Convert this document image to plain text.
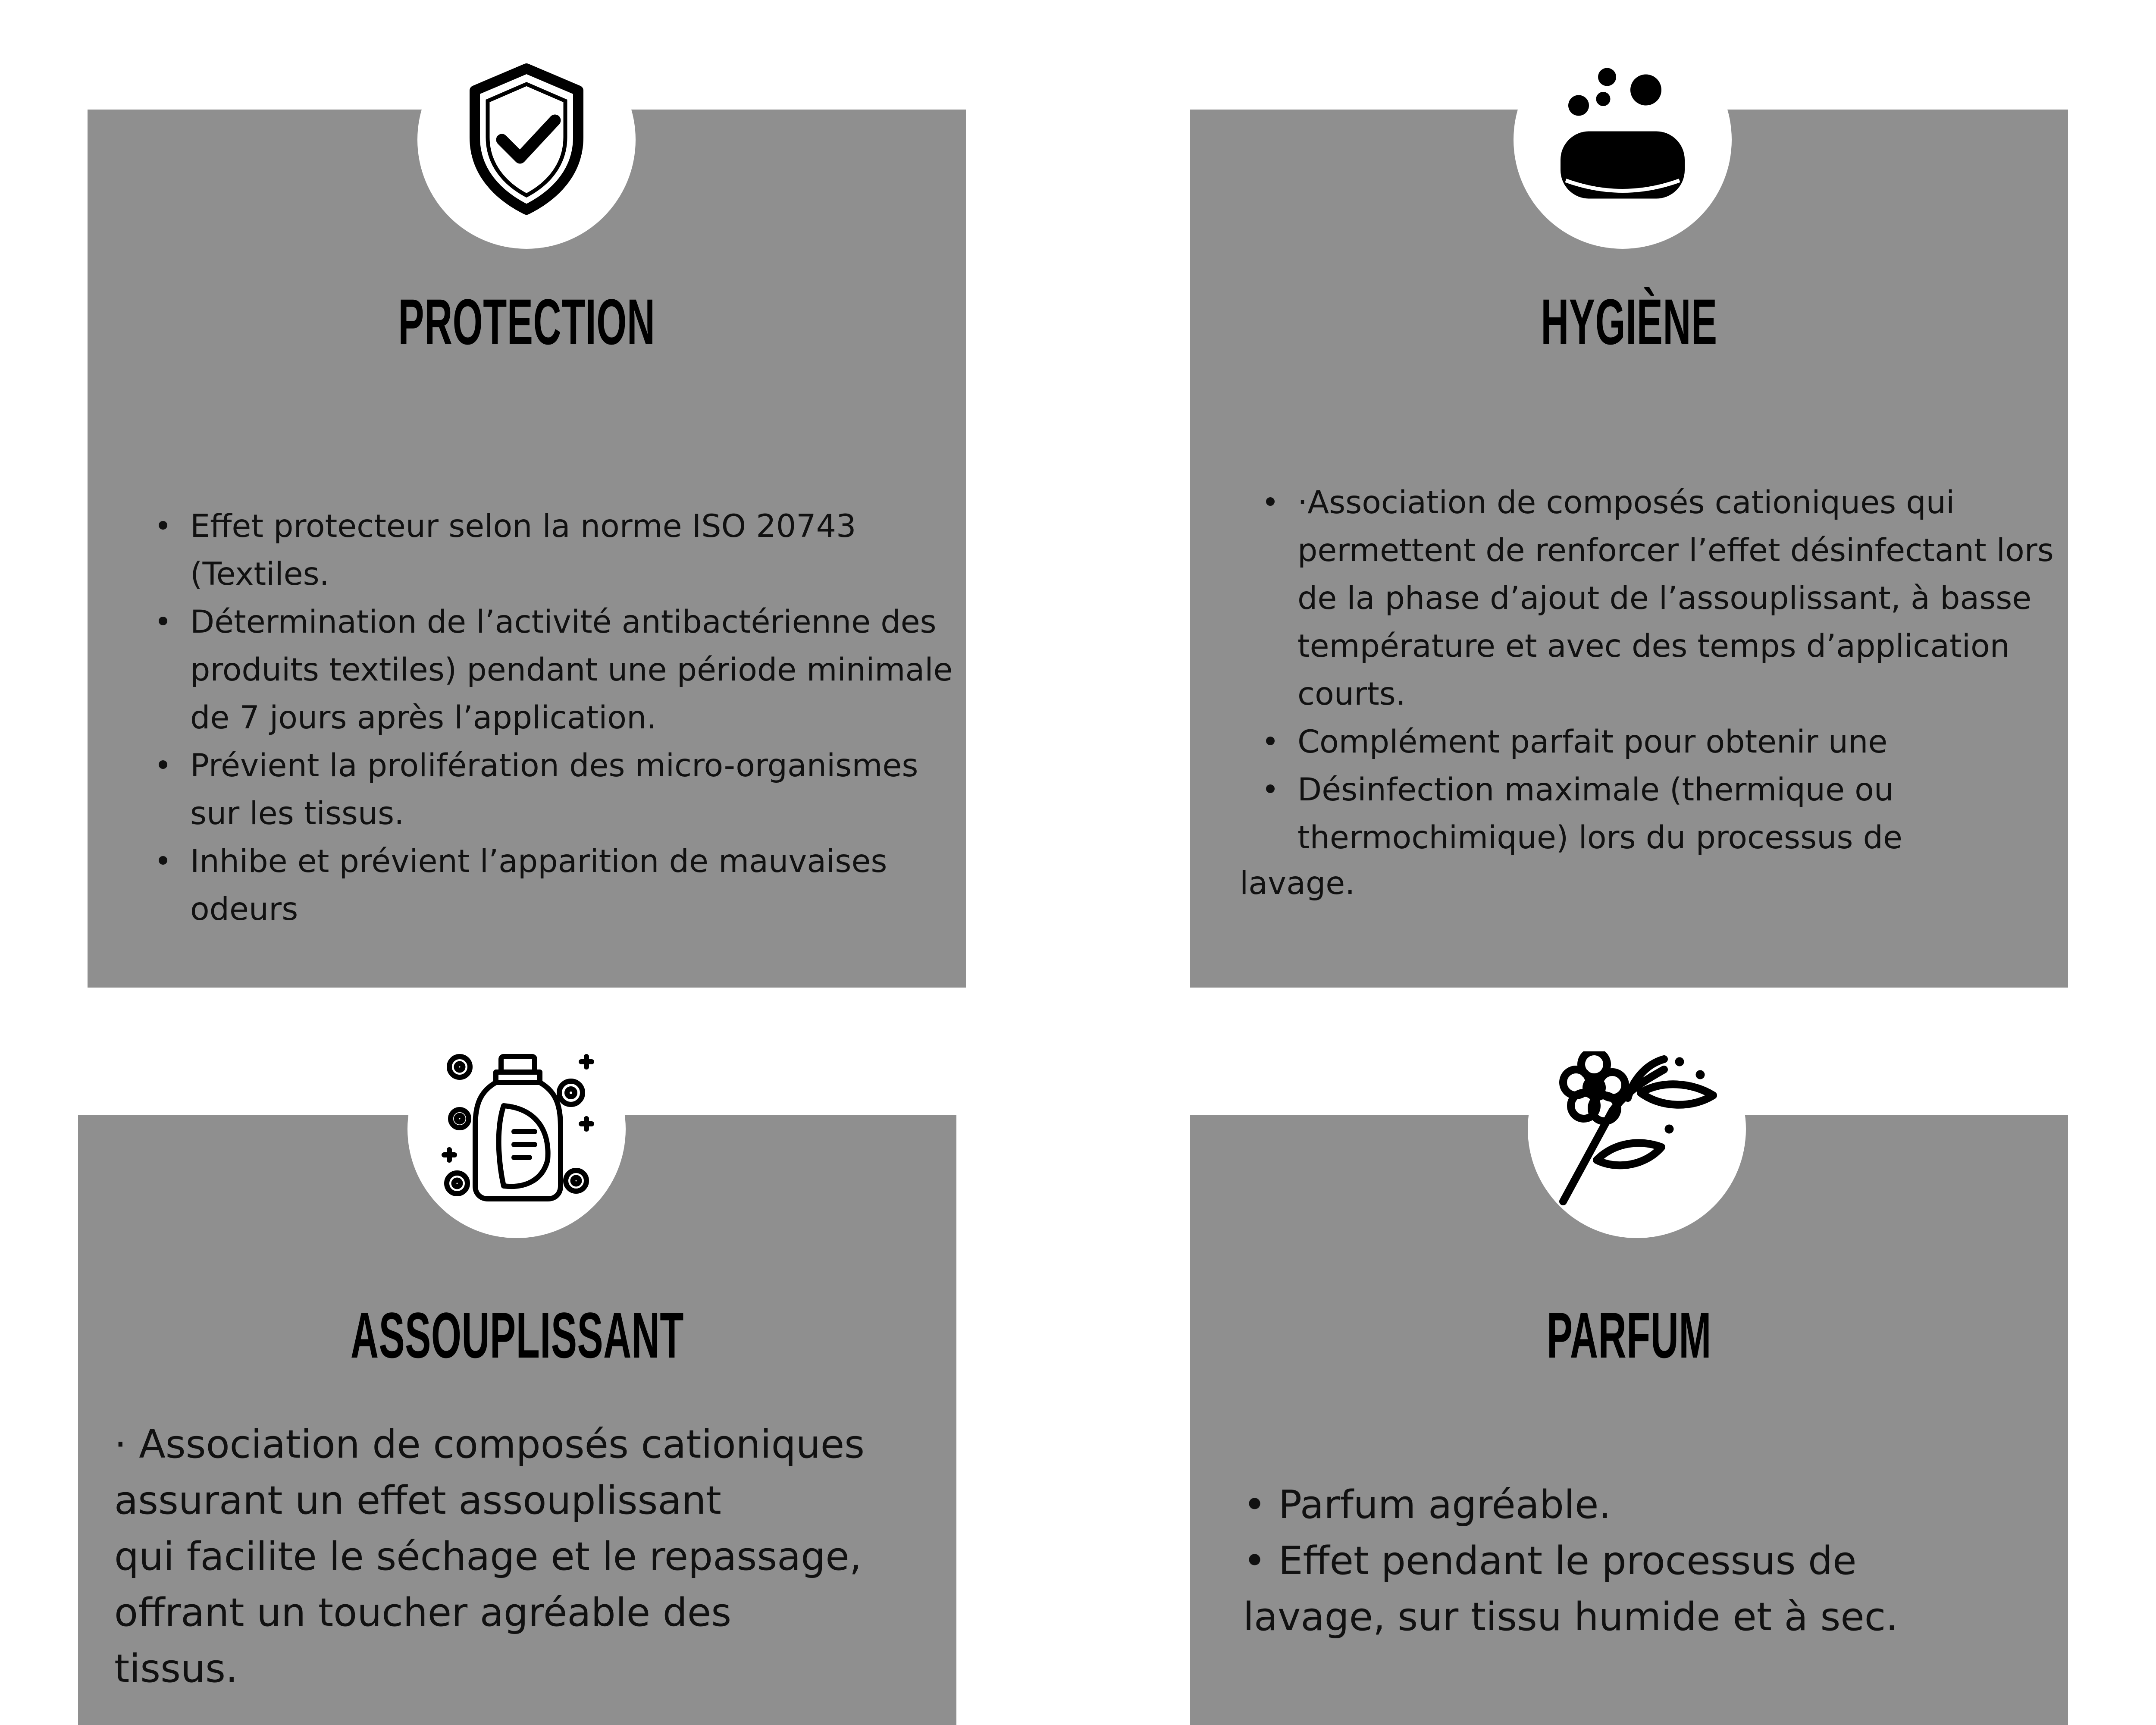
PROTECTION
Effet protecteur selon la norme ISO 20743 (Textiles.
Détermination de l’activité antibactérienne des produits textiles) pendant une période minimale de 7 jours après l’application.
Prévient la prolifération des micro-organismes sur les tissus.
Inhibe et prévient l’apparition de mauvaises odeurs
HYGIÈNE
·Association de composés cationiques qui permettent de renforcer l’effet désinfectant lors de la phase d’ajout de l’assouplissant, à basse température et avec des temps d’application courts.
Complément parfait pour obtenir une
Désinfection maximale (thermique ou thermochimique) lors du processus de

lavage.

ASSOUPLISSANT

· Association de composés cationiques
assurant un effet assouplissant
qui facilite le séchage et le repassage,
offrant un toucher agréable des
tissus.

PARFUM

• Parfum agréable.
• Effet pendant le processus de
lavage, sur tissu humide et à sec.
